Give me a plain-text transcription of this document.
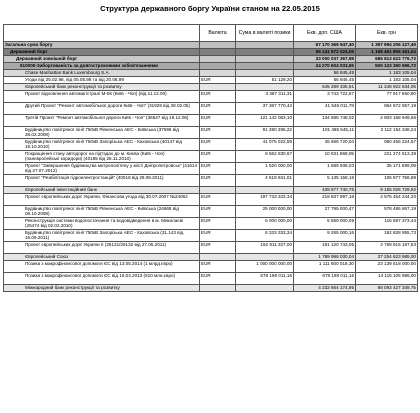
Структура державного боргу України станом на 22.05.2015
	Валюта	Сума в валюті позики	Екв. доп. США	Екв. грн
Загальна сума боргу			67 170 369 947,40	1 397 994 206 127,49
Державний борг			56 141 672 024,05	1 168 461 806 481,04
Державний зовнішній борг			33 000 037 367,98	686 813 623 776,72
510000-Заборгованість за довгостроковими зобов'язаннями			24 270 604 033,65	505 123 390 696,72
Chase Manhattan Bank Luxembourg S.A.			56 845,45	1 183 105,04
Угоди від 25.02.98, від 05.05.98 та від 20.08.99	EUR	51 129,20	56 845,45	1 183 105,04
Європейський банк реконструкції та розвитку			545 289 335,61	11 348 922 634,05
Проект відновлення автомагістралі М-06 (Київ - Чоп) (від 11.12.00)	EUR	3 367 311,31	3 743 722,67	77 917 650,90
Другий Проект "Ремонт автомобільної дороги Київ - Чоп" (31928 від 28.02.05)	EUR	37 367 770,44	41 545 011,78	864 672 657,19
Третій Проект "Ремонт автомобільної дороги Київ - Чоп" (36547 від 19.12.06)	EUR	121 142 063,10	134 685 748,02	2 803 168 949,66
Будівництво повітряної лінії 750кВ Рівненська АЕС - Київська (37596 від 28.02.2008)	EUR	91 280 395,22	101 485 545,11	2 112 154 348,24
Будівництво повітряної лінії 750кВ Запорізька АЕС - Каховська (40147 від 19.10.2010)	EUR	41 075 022,59	45 666 720,04	950 456 224,57
Покращення стану автодорог на під'їздах до м. Києва (Київ - Чоп) (панєвропейські коридори) (40185 від 26.11.2010)	EUR	9 562 830,67	10 631 868,05	221 274 513,39
Проект "Завершення будівництва метрополітену у місті Дніпропетровськ" (41614 від 27.07.2012)	EUR	1 520 000,00	1 689 936,03	35 171 599,09
Проект "Реабілітація гідроелектростанцій" (40518 від 29.09.2011)	EUR	4 618 841,01	5 135 158,16	106 877 756,89
Європейський інвестиційний банк			439 877 740,75	9 155 026 729,52
Проект європейських доріг України, Фінансова угода від 30.07.2007 №24062	EUR	197 733 333,34	219 837 997,18	4 575 454 244,20
Будівництво повітряної лінії 750кВ Рівненська АЕС - Київська (24668 від 08.10.2008)	EUR	25 000 000,00	27 795 000,47	578 486 867,19
Реконструкція системи водопостачання та водовідведення в м. Миколаєві (25474 від 02.02.2010)	EUR	5 000 000,00	5 559 000,09	115 697 373,44
Будівництво повітряної лінії 750кВ Запорізька АЕС - Каховська (31.143 від 16.09.2011)	EUR	8 333 333,34	9 265 000,16	192 828 955,73
Проект європейських доріг України ІІ (26131/26132 від 27.05.2011)	EUR	162 911 327,00	181 120 743,05	3 769 615 187,83
Європейський Союз			1 789 998 030,04	37 254 623 985,00
Позика з макрофінансової допомоги ЄС від 13.05.2014 (1 млрд.євро)	EUR	1 000 000 000,00	1 111 800 018,30	23 139 518 000,00
Позика з макрофінансової допомоги ЄС від 16.04.2013 (610 млн.євро)	EUR	678 198 011,16	678 198 011,16	14 115 105 985,00
Міжнародний банк реконструкції та розвитку			4 232 664 174,95	88 093 427 349,75
